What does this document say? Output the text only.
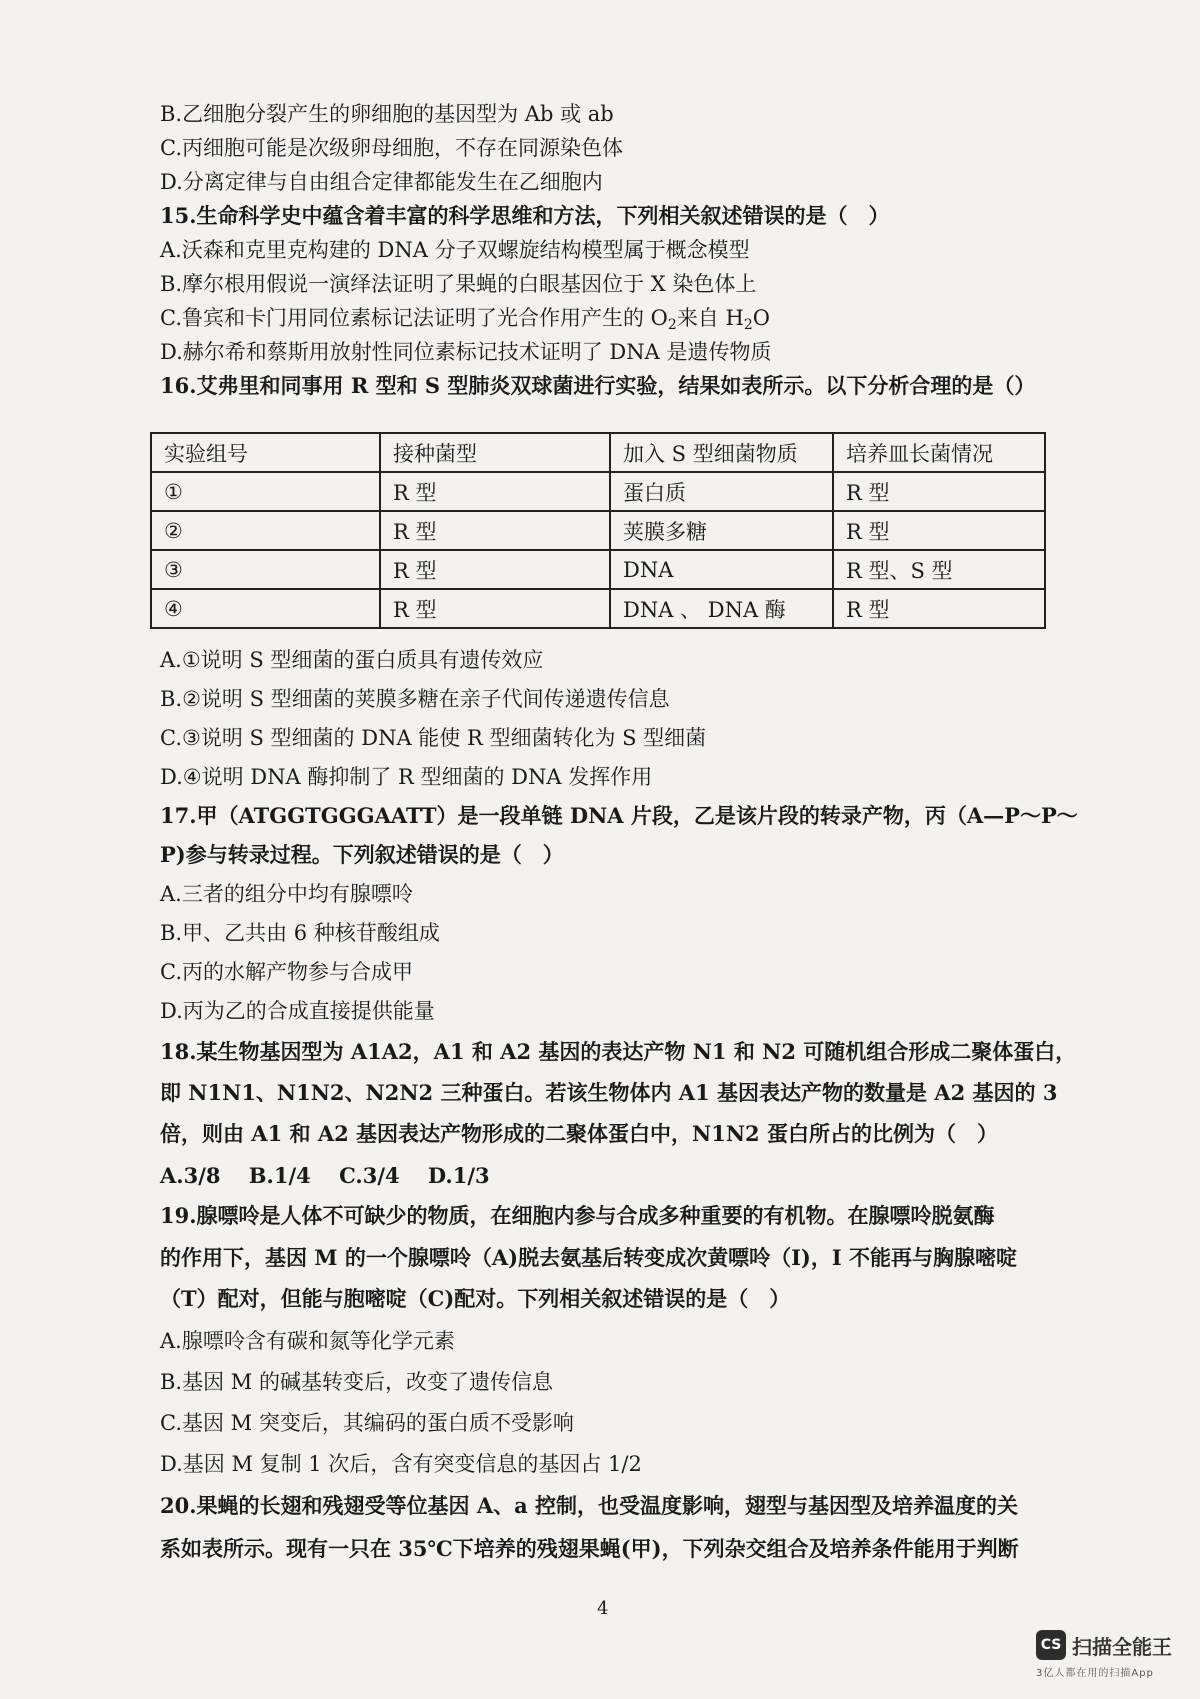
B.乙细胞分裂产生的卵细胞的基因型为 Ab 或 ab
C.丙细胞可能是次级卵母细胞，不存在同源染色体
D.分离定律与自由组合定律都能发生在乙细胞内
15.生命科学史中蕴含着丰富的科学思维和方法，下列相关叙述错误的是（　）
A.沃森和克里克构建的 DNA 分子双螺旋结构模型属于概念模型
B.摩尔根用假说一演绎法证明了果蝇的白眼基因位于 X 染色体上
C.鲁宾和卡门用同位素标记法证明了光合作用产生的 $O_2$来自 $H_2O$
D.赫尔希和蔡斯用放射性同位素标记技术证明了 DNA 是遗传物质
16.艾弗里和同事用 R 型和 S 型肺炎双球菌进行实验，结果如表所示。以下分析合理的是（）
实验组号	接种菌型	加入 S 型细菌物质	培养皿长菌情况
①	R 型	蛋白质	R 型
②	R 型	荚膜多糖	R 型
③	R 型	DNA	R 型、S 型
④	R 型	DNA 、 DNA 酶	R 型
A.①说明 S 型细菌的蛋白质具有遗传效应
B.②说明 S 型细菌的荚膜多糖在亲子代间传递遗传信息
C.③说明 S 型细菌的 DNA 能使 R 型细菌转化为 S 型细菌
D.④说明 DNA 酶抑制了 R 型细菌的 DNA 发挥作用
17.甲（ATGGTGGGAATT）是一段单链 DNA 片段，乙是该片段的转录产物，丙（A—P～P～
P)参与转录过程。下列叙述错误的是（　）
A.三者的组分中均有腺嘌呤
B.甲、乙共由 6 种核苷酸组成
C.丙的水解产物参与合成甲
D.丙为乙的合成直接提供能量
18.某生物基因型为 A1A2，A1 和 A2 基因的表达产物 N1 和 N2 可随机组合形成二聚体蛋白，
即 N1N1、N1N2、N2N2 三种蛋白。若该生物体内 A1 基因表达产物的数量是 A2 基因的 3
倍，则由 A1 和 A2 基因表达产物形成的二聚体蛋白中，N1N2 蛋白所占的比例为（　）
A.3/8　 B.1/4　 C.3/4　 D.1/3
19.腺嘌呤是人体不可缺少的物质，在细胞内参与合成多种重要的有机物。在腺嘌呤脱氨酶
的作用下，基因 M 的一个腺嘌呤（A)脱去氨基后转变成次黄嘌呤（I)，I 不能再与胸腺嘧啶
（T）配对，但能与胞嘧啶（C)配对。下列相关叙述错误的是（　）
A.腺嘌呤含有碳和氮等化学元素
B.基因 M 的碱基转变后，改变了遗传信息
C.基因 M 突变后，其编码的蛋白质不受影响
D.基因 M 复制 1 次后，含有突变信息的基因占 1/2
20.果蝇的长翅和残翅受等位基因 A、a 控制，也受温度影响，翅型与基因型及培养温度的关
系如表所示。现有一只在 35℃下培养的残翅果蝇(甲)，下列杂交组合及培养条件能用于判断
4
CS 扫描全能王
3亿人都在用的扫描App
